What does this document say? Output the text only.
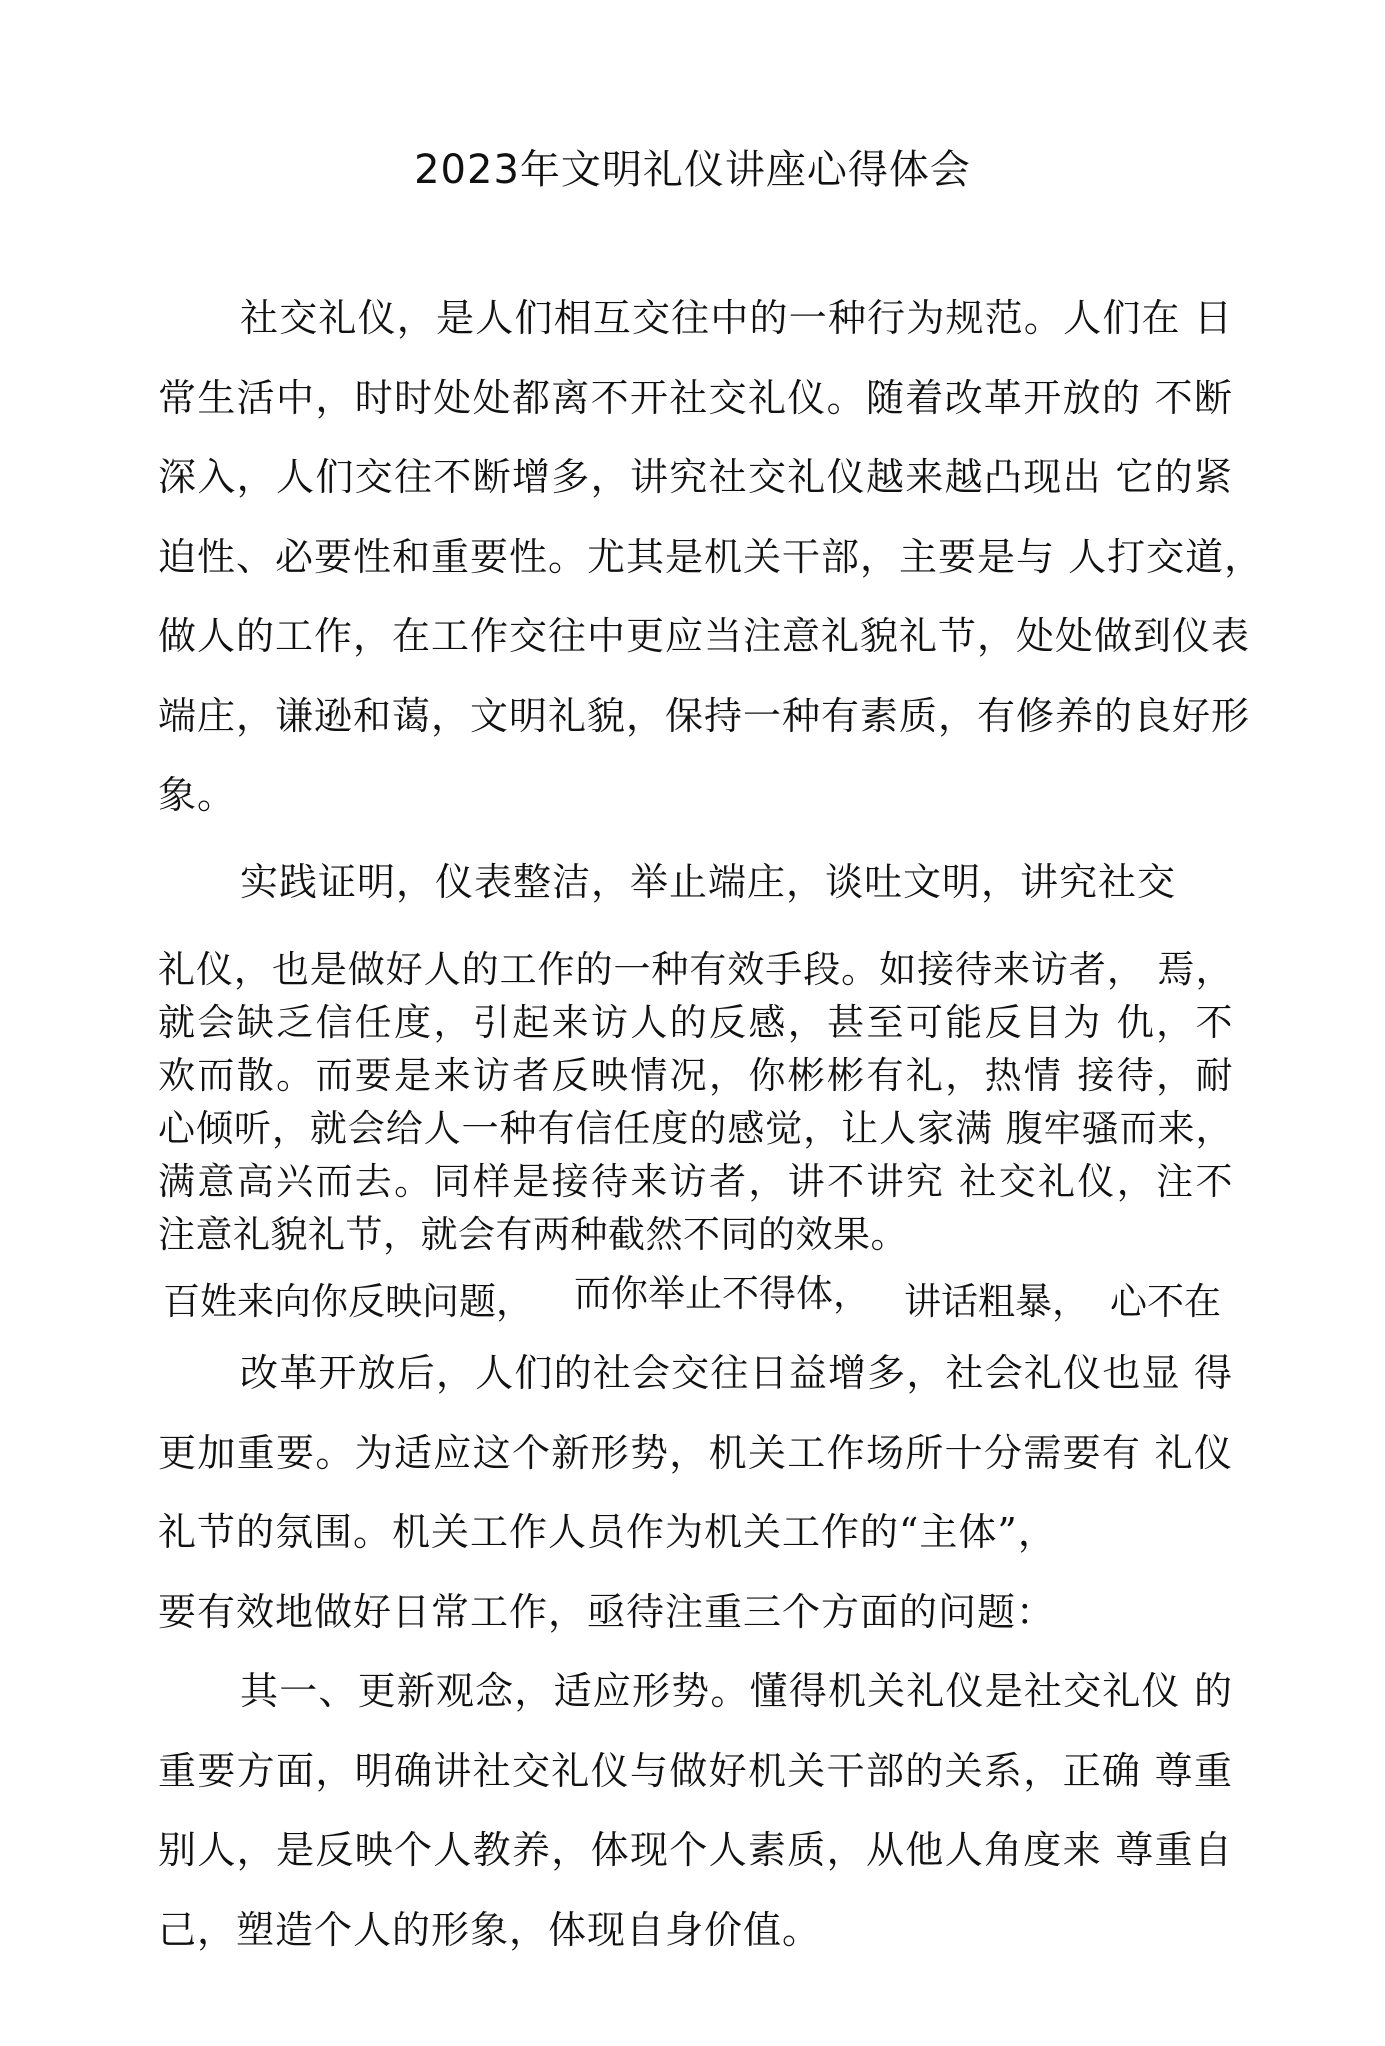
2023年文明礼仪讲座心得体会
社交礼仪，是人们相互交往中的一种行为规范。人们在 日
常生活中，时时处处都离不开社交礼仪。随着改革开放的 不断
深入，人们交往不断增多，讲究社交礼仪越来越凸现出 它的紧
迫性、必要性和重要性。尤其是机关干部，主要是与 人打交道，
做人的工作，在工作交往中更应当注意礼貌礼节，处处做到仪表
端庄，谦逊和蔼，文明礼貌，保持一种有素质，有修养的良好形
象。
实践证明，仪表整洁，举止端庄，谈吐文明，讲究社交
礼仪，也是做好人的工作的一种有效手段。如接待来访者， 焉，
就会缺乏信任度，引起来访人的反感，甚至可能反目为 仇，不
欢而散。而要是来访者反映情况，你彬彬有礼，热情 接待，耐
心倾听，就会给人一种有信任度的感觉，让人家满 腹牢骚而来，
满意高兴而去。同样是接待来访者，讲不讲究 社交礼仪，注不
注意礼貌礼节，就会有两种截然不同的效果。
百姓来向你反映问题， 而你举止不得体， 讲话粗暴， 心不在
改革开放后，人们的社会交往日益增多，社会礼仪也显 得
更加重要。为适应这个新形势，机关工作场所十分需要有 礼仪
礼节的氛围。机关工作人员作为机关工作的“主体”，
要有效地做好日常工作，亟待注重三个方面的问题：
其一、更新观念，适应形势。懂得机关礼仪是社交礼仪 的
重要方面，明确讲社交礼仪与做好机关干部的关系，正确 尊重
别人，是反映个人教养，体现个人素质，从他人角度来 尊重自
己，塑造个人的形象，体现自身价值。
